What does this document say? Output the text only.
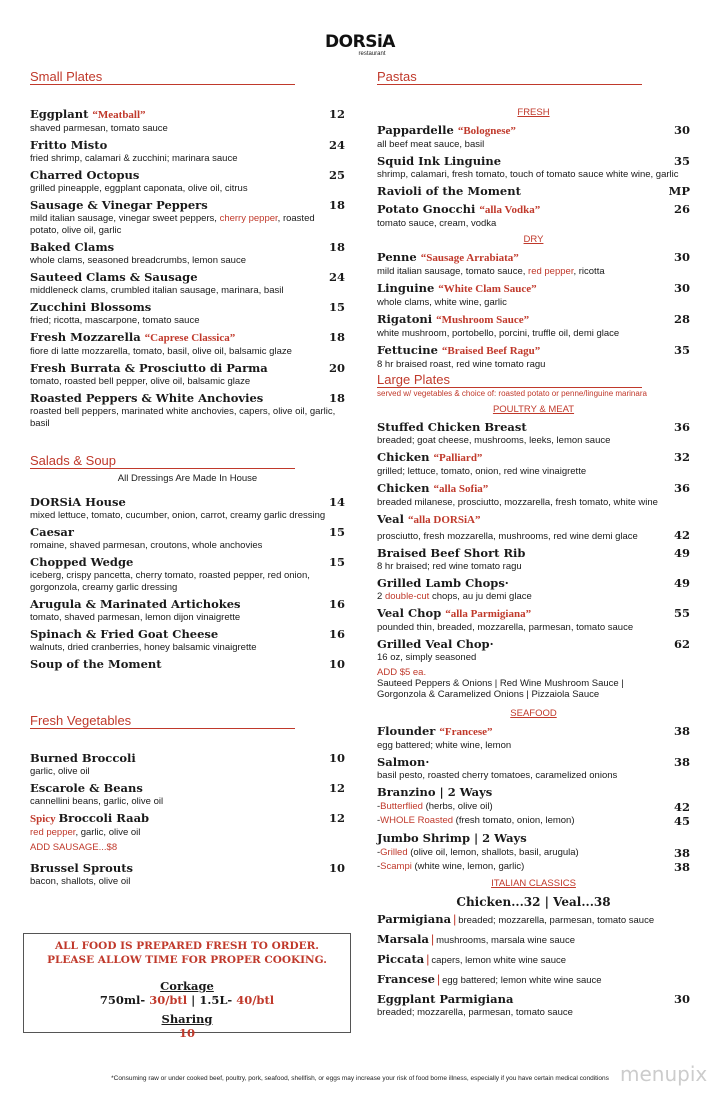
DORSiA
restaurant
Small Plates
Eggplant “Meatball”	12
shaved parmesan, tomato sauce
Fritto Misto	24
fried shrimp, calamari & zucchini; marinara sauce
Charred Octopus	25
grilled pineapple, eggplant caponata, olive oil, citrus
Sausage & Vinegar Peppers	18
mild italian sausage, vinegar sweet peppers, cherry pepper, roasted potato, olive oil, garlic
Baked Clams	18
whole clams, seasoned breadcrumbs, lemon sauce
Sauteed Clams & Sausage	24
middleneck clams, crumbled italian sausage, marinara, basil
Zucchini Blossoms	15
fried; ricotta, mascarpone, tomato sauce
Fresh Mozzarella “Caprese Classica”	18
fiore di latte mozzarella, tomato, basil, olive oil, balsamic glaze
Fresh Burrata & Prosciutto di Parma	20
tomato, roasted bell pepper, olive oil, balsamic glaze
Roasted Peppers & White Anchovies	18
roasted bell peppers, marinated white anchovies, capers, olive oil, garlic, basil
Salads & Soup
All Dressings Are Made In House
DORSiA House	14
mixed lettuce, tomato, cucumber, onion, carrot, creamy garlic dressing
Caesar	15
romaine, shaved parmesan, croutons, whole anchovies
Chopped Wedge	15
iceberg, crispy pancetta, cherry tomato, roasted pepper, red onion, gorgonzola, creamy garlic dressing
Arugula & Marinated Artichokes	16
tomato, shaved parmesan, lemon dijon vinaigrette
Spinach & Fried Goat Cheese	16
walnuts, dried cranberries, honey balsamic vinaigrette
Soup of the Moment	10
Fresh Vegetables
Burned Broccoli	10
garlic, olive oil
Escarole & Beans	12
cannellini beans, garlic, olive oil
Spicy Broccoli Raab	12
red pepper, garlic, olive oil
ADD SAUSAGE...$8
Brussel Sprouts	10
bacon, shallots, olive oil
Pastas
FRESH
Pappardelle “Bolognese”	30
all beef meat sauce, basil
Squid Ink Linguine	35
shrimp, calamari, fresh tomato, touch of tomato sauce white wine, garlic
Ravioli of the Moment	MP
Potato Gnocchi “alla Vodka”	26
tomato sauce, cream, vodka
DRY
Penne “Sausage Arrabiata”	30
mild italian sausage, tomato sauce, red pepper, ricotta
Linguine “White Clam Sauce”	30
whole clams, white wine, garlic
Rigatoni “Mushroom Sauce”	28
white mushroom, portobello, porcini, truffle oil, demi glace
Fettucine “Braised Beef Ragu”	35
8 hr braised roast, red wine tomato ragu
Large Plates
served w/ vegetables & choice of: roasted potato or penne/linguine marinara
POULTRY & MEAT
Stuffed Chicken Breast	36
breaded; goat cheese, mushrooms, leeks, lemon sauce
Chicken “Palliard”	32
grilled; lettuce, tomato, onion, red wine vinaigrette
Chicken “alla Sofia”	36
breaded milanese, prosciutto, mozzarella, fresh tomato, white wine
Veal “alla DORSiA”
prosciutto, fresh mozzarella, mushrooms, red wine demi glace	42
Braised Beef Short Rib	49
8 hr braised; red wine tomato ragu
Grilled Lamb Chops·	49
2 double-cut chops, au ju demi glace
Veal Chop “alla Parmigiana”	55
pounded thin, breaded, mozzarella, parmesan, tomato sauce
Grilled Veal Chop·	62
16 oz, simply seasoned
ADD $5 ea.
Sauteed Peppers & Onions | Red Wine Mushroom Sauce |
Gorgonzola & Caramelized Onions | Pizzaiola Sauce
SEAFOOD
Flounder “Francese”	38
egg battered; white wine, lemon
Salmon·	38
basil pesto, roasted cherry tomatoes, caramelized onions
Branzino | 2 Ways
-Butterflied (herbs, olive oil)	42
-WHOLE Roasted (fresh tomato, onion, lemon)	45
Jumbo Shrimp | 2 Ways
-Grilled (olive oil, lemon, shallots, basil, arugula)	38
-Scampi (white wine, lemon, garlic)	38
ITALIAN CLASSICS
Chicken...32 | Veal...38
Parmigiana | breaded; mozzarella, parmesan, tomato sauce
Marsala | mushrooms, marsala wine sauce
Piccata | capers, lemon white wine sauce
Francese | egg battered; lemon white wine sauce
Eggplant Parmigiana	30
breaded; mozzarella, parmesan, tomato sauce
ALL FOOD IS PREPARED FRESH TO ORDER.
PLEASE ALLOW TIME FOR PROPER COOKING.
Corkage
750ml- 30/btl | 1.5L- 40/btl
Sharing
10
*Consuming raw or under cooked beef, poultry, pork, seafood, shellfish, or eggs may increase your risk of food borne illness, especially if you have certain medical conditions menupix
